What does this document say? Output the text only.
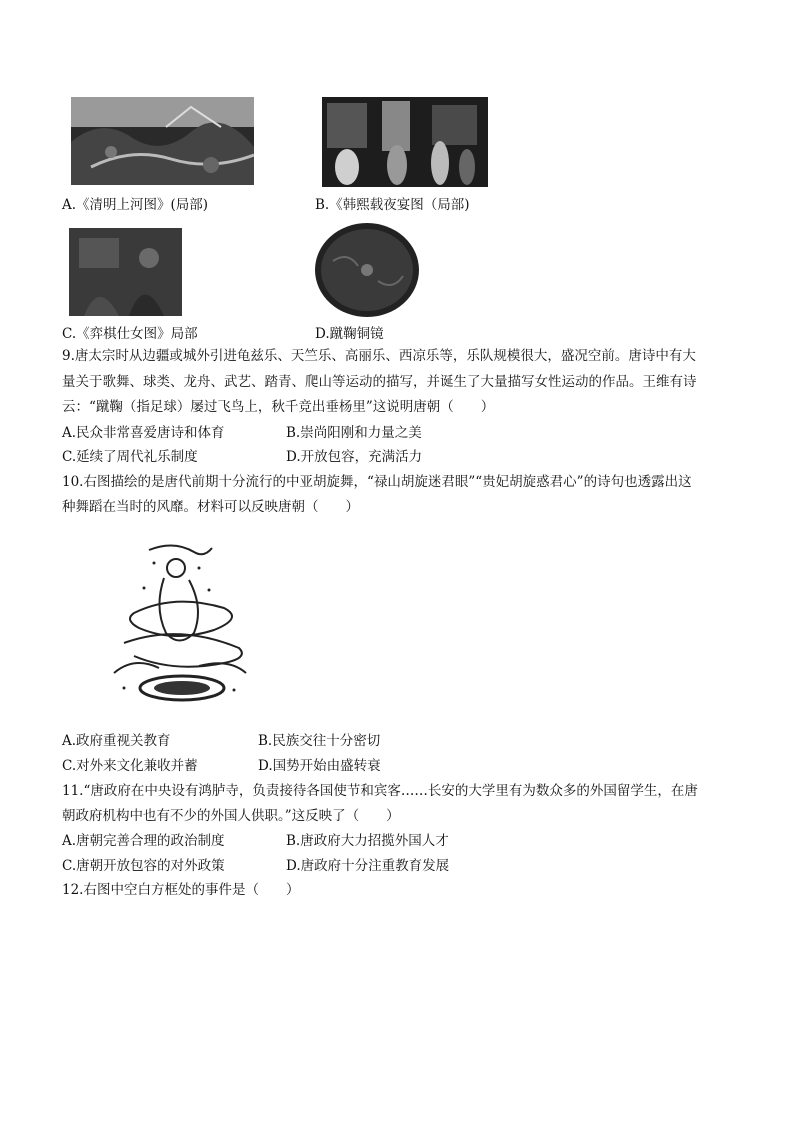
A.《清明上河图》(局部)	B.《韩熙载夜宴图（局部)
C.《弈棋仕女图》局部	D.蹴鞠铜镜
9.唐太宗时从边疆或城外引进龟兹乐、天竺乐、高丽乐、西凉乐等，乐队规模很大，盛况空前。唐诗中有大
量关于歌舞、球类、龙舟、武艺、踏青、爬山等运动的描写，并诞生了大量描写女性运动的作品。王维有诗
云：“蹴鞠（指足球）屡过飞鸟上，秋千竞出垂杨里”这说明唐朝（　　）
A.民众非常喜爱唐诗和体育	B.崇尚阳刚和力量之美
C.延续了周代礼乐制度	D.开放包容，充满活力
10.右图描绘的是唐代前期十分流行的中亚胡旋舞，“禄山胡旋迷君眼”“贵妃胡旋惑君心”的诗句也透露出这
种舞蹈在当时的风靡。材料可以反映唐朝（　　）
A.政府重视关教育	B.民族交往十分密切
C.对外来文化兼收并蓄	D.国势开始由盛转衰
11.“唐政府在中央设有鸿胪寺，负责接待各国使节和宾客……长安的大学里有为数众多的外国留学生，在唐
朝政府机构中也有不少的外国人供职。”这反映了（　　）
A.唐朝完善合理的政治制度	B.唐政府大力招揽外国人才
C.唐朝开放包容的对外政策	D.唐政府十分注重教育发展
12.右图中空白方框处的事件是（　　）
